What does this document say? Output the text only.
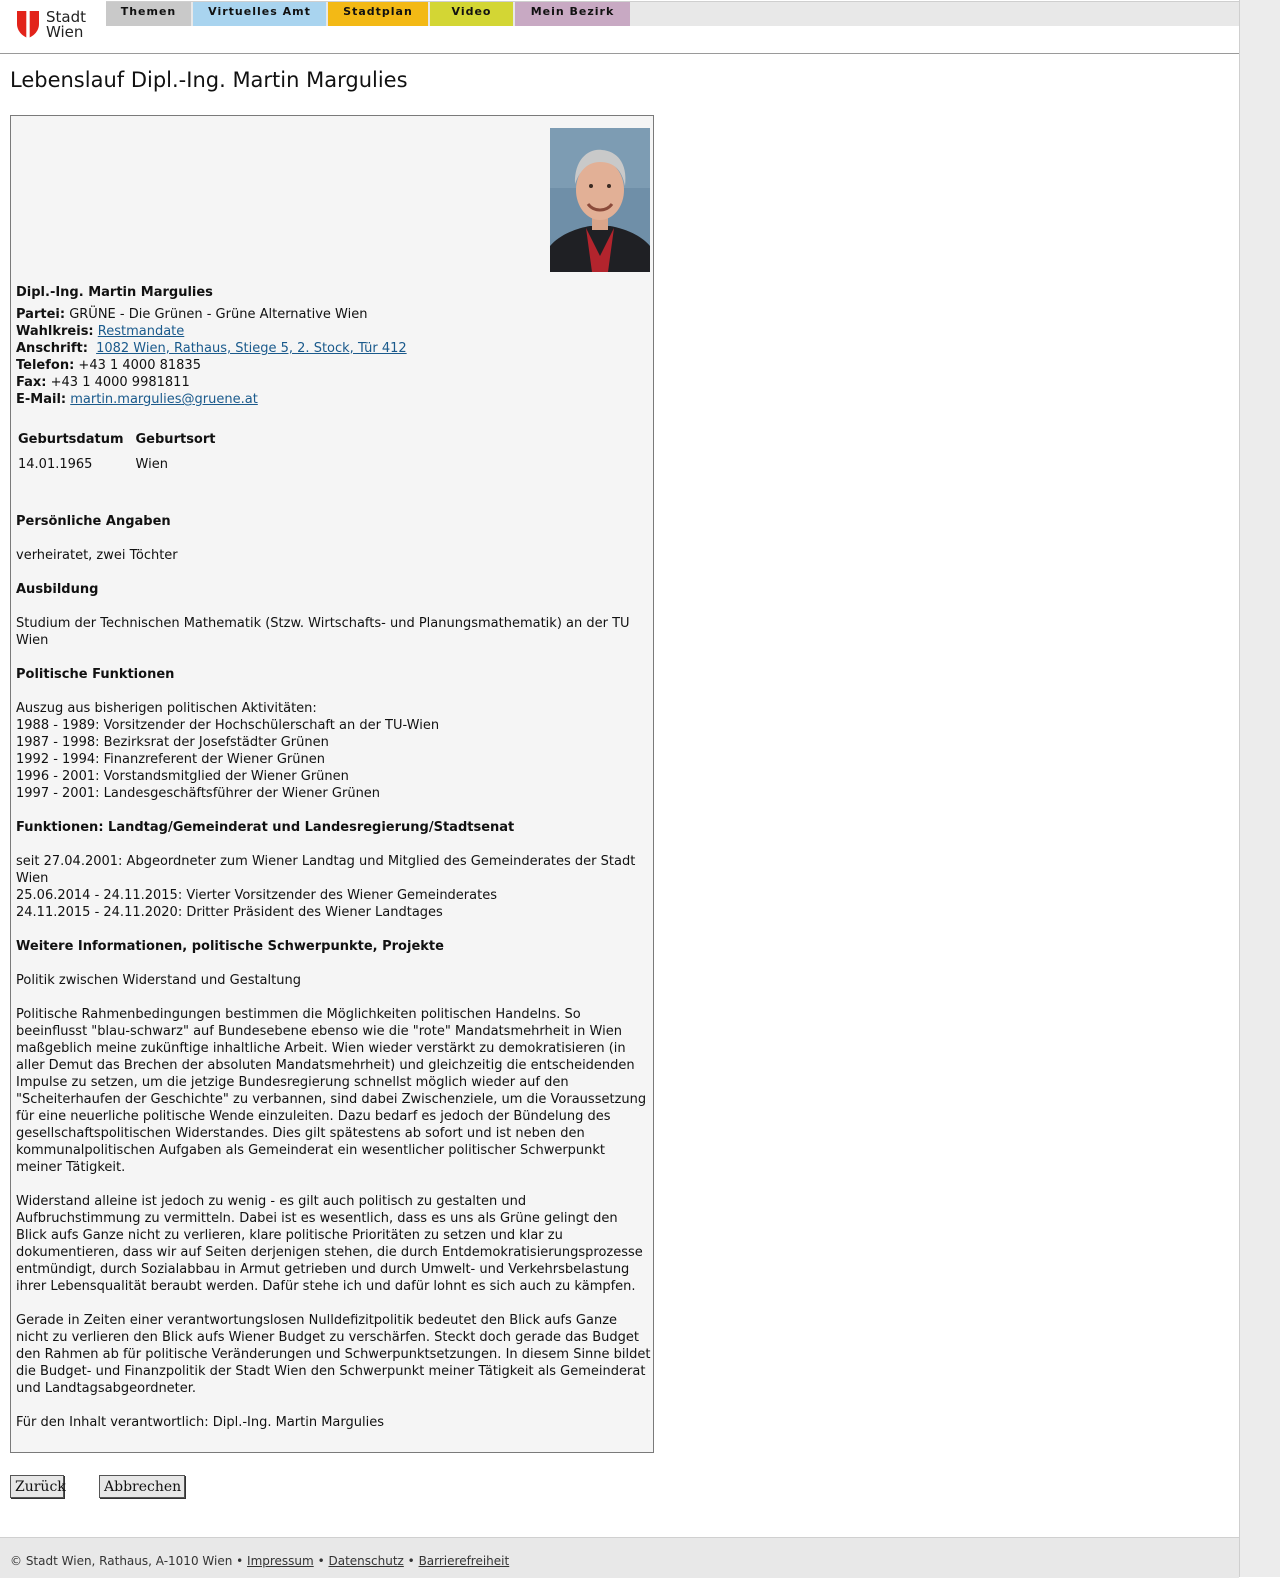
Stadt
Wien
Themen	Virtuelles Amt	Stadtplan	Video	Mein Bezirk
Lebenslauf Dipl.-Ing. Martin Margulies
Dipl.-Ing. Martin Margulies
Partei: GRÜNE - Die Grünen - Grüne Alternative Wien
Wahlkreis: Restmandate
Anschrift: 1082 Wien, Rathaus, Stiege 5, 2. Stock, Tür 412
Telefon: +43 1 4000 81835
Fax: +43 1 4000 9981811
E-Mail: martin.margulies@gruene.at
Geburtsdatum	Geburtsort
14.01.1965	Wien
Persönliche Angaben

verheiratet, zwei Töchter

Ausbildung

Studium der Technischen Mathematik (Stzw. Wirtschafts- und Planungsmathematik) an der TU Wien

Politische Funktionen
Auszug aus bisherigen politischen Aktivitäten:
1988 - 1989: Vorsitzender der Hochschülerschaft an der TU-Wien
1987 - 1998: Bezirksrat der Josefstädter Grünen
1992 - 1994: Finanzreferent der Wiener Grünen
1996 - 2001: Vorstandsmitglied der Wiener Grünen
1997 - 2001: Landesgeschäftsführer der Wiener Grünen
Funktionen: Landtag/Gemeinderat und Landesregierung/Stadtsenat
seit 27.04.2001: Abgeordneter zum Wiener Landtag und Mitglied des Gemeinderates der Stadt Wien
25.06.2014 - 24.11.2015: Vierter Vorsitzender des Wiener Gemeinderates
24.11.2015 - 24.11.2020: Dritter Präsident des Wiener Landtages
Weitere Informationen, politische Schwerpunkte, Projekte

Politik zwischen Widerstand und Gestaltung

Politische Rahmenbedingungen bestimmen die Möglichkeiten politischen Handelns. So beeinflusst "blau-schwarz" auf Bundesebene ebenso wie die "rote" Mandatsmehrheit in Wien maßgeblich meine zukünftige inhaltliche Arbeit. Wien wieder verstärkt zu demokratisieren (in aller Demut das Brechen der absoluten Mandatsmehrheit) und gleichzeitig die entscheidenden Impulse zu setzen, um die jetzige Bundesregierung schnellst möglich wieder auf den "Scheiterhaufen der Geschichte" zu verbannen, sind dabei Zwischenziele, um die Voraussetzung für eine neuerliche politische Wende einzuleiten. Dazu bedarf es jedoch der Bündelung des gesellschaftspolitischen Widerstandes. Dies gilt spätestens ab sofort und ist neben den kommunalpolitischen Aufgaben als Gemeinderat ein wesentlicher politischer Schwerpunkt meiner Tätigkeit.

Widerstand alleine ist jedoch zu wenig - es gilt auch politisch zu gestalten und Aufbruchstimmung zu vermitteln. Dabei ist es wesentlich, dass es uns als Grüne gelingt den Blick aufs Ganze nicht zu verlieren, klare politische Prioritäten zu setzen und klar zu dokumentieren, dass wir auf Seiten derjenigen stehen, die durch Entdemokratisierungsprozesse entmündigt, durch Sozialabbau in Armut getrieben und durch Umwelt- und Verkehrsbelastung ihrer Lebensqualität beraubt werden. Dafür stehe ich und dafür lohnt es sich auch zu kämpfen.

Gerade in Zeiten einer verantwortungslosen Nulldefizitpolitik bedeutet den Blick aufs Ganze nicht zu verlieren den Blick aufs Wiener Budget zu verschärfen. Steckt doch gerade das Budget den Rahmen ab für politische Veränderungen und Schwerpunktsetzungen. In diesem Sinne bildet die Budget- und Finanzpolitik der Stadt Wien den Schwerpunkt meiner Tätigkeit als Gemeinderat und Landtagsabgeordneter.

Für den Inhalt verantwortlich: Dipl.-Ing. Martin Margulies

Zurück	Abbrechen
© Stadt Wien, Rathaus, A-1010 Wien • Impressum • Datenschutz • Barrierefreiheit
